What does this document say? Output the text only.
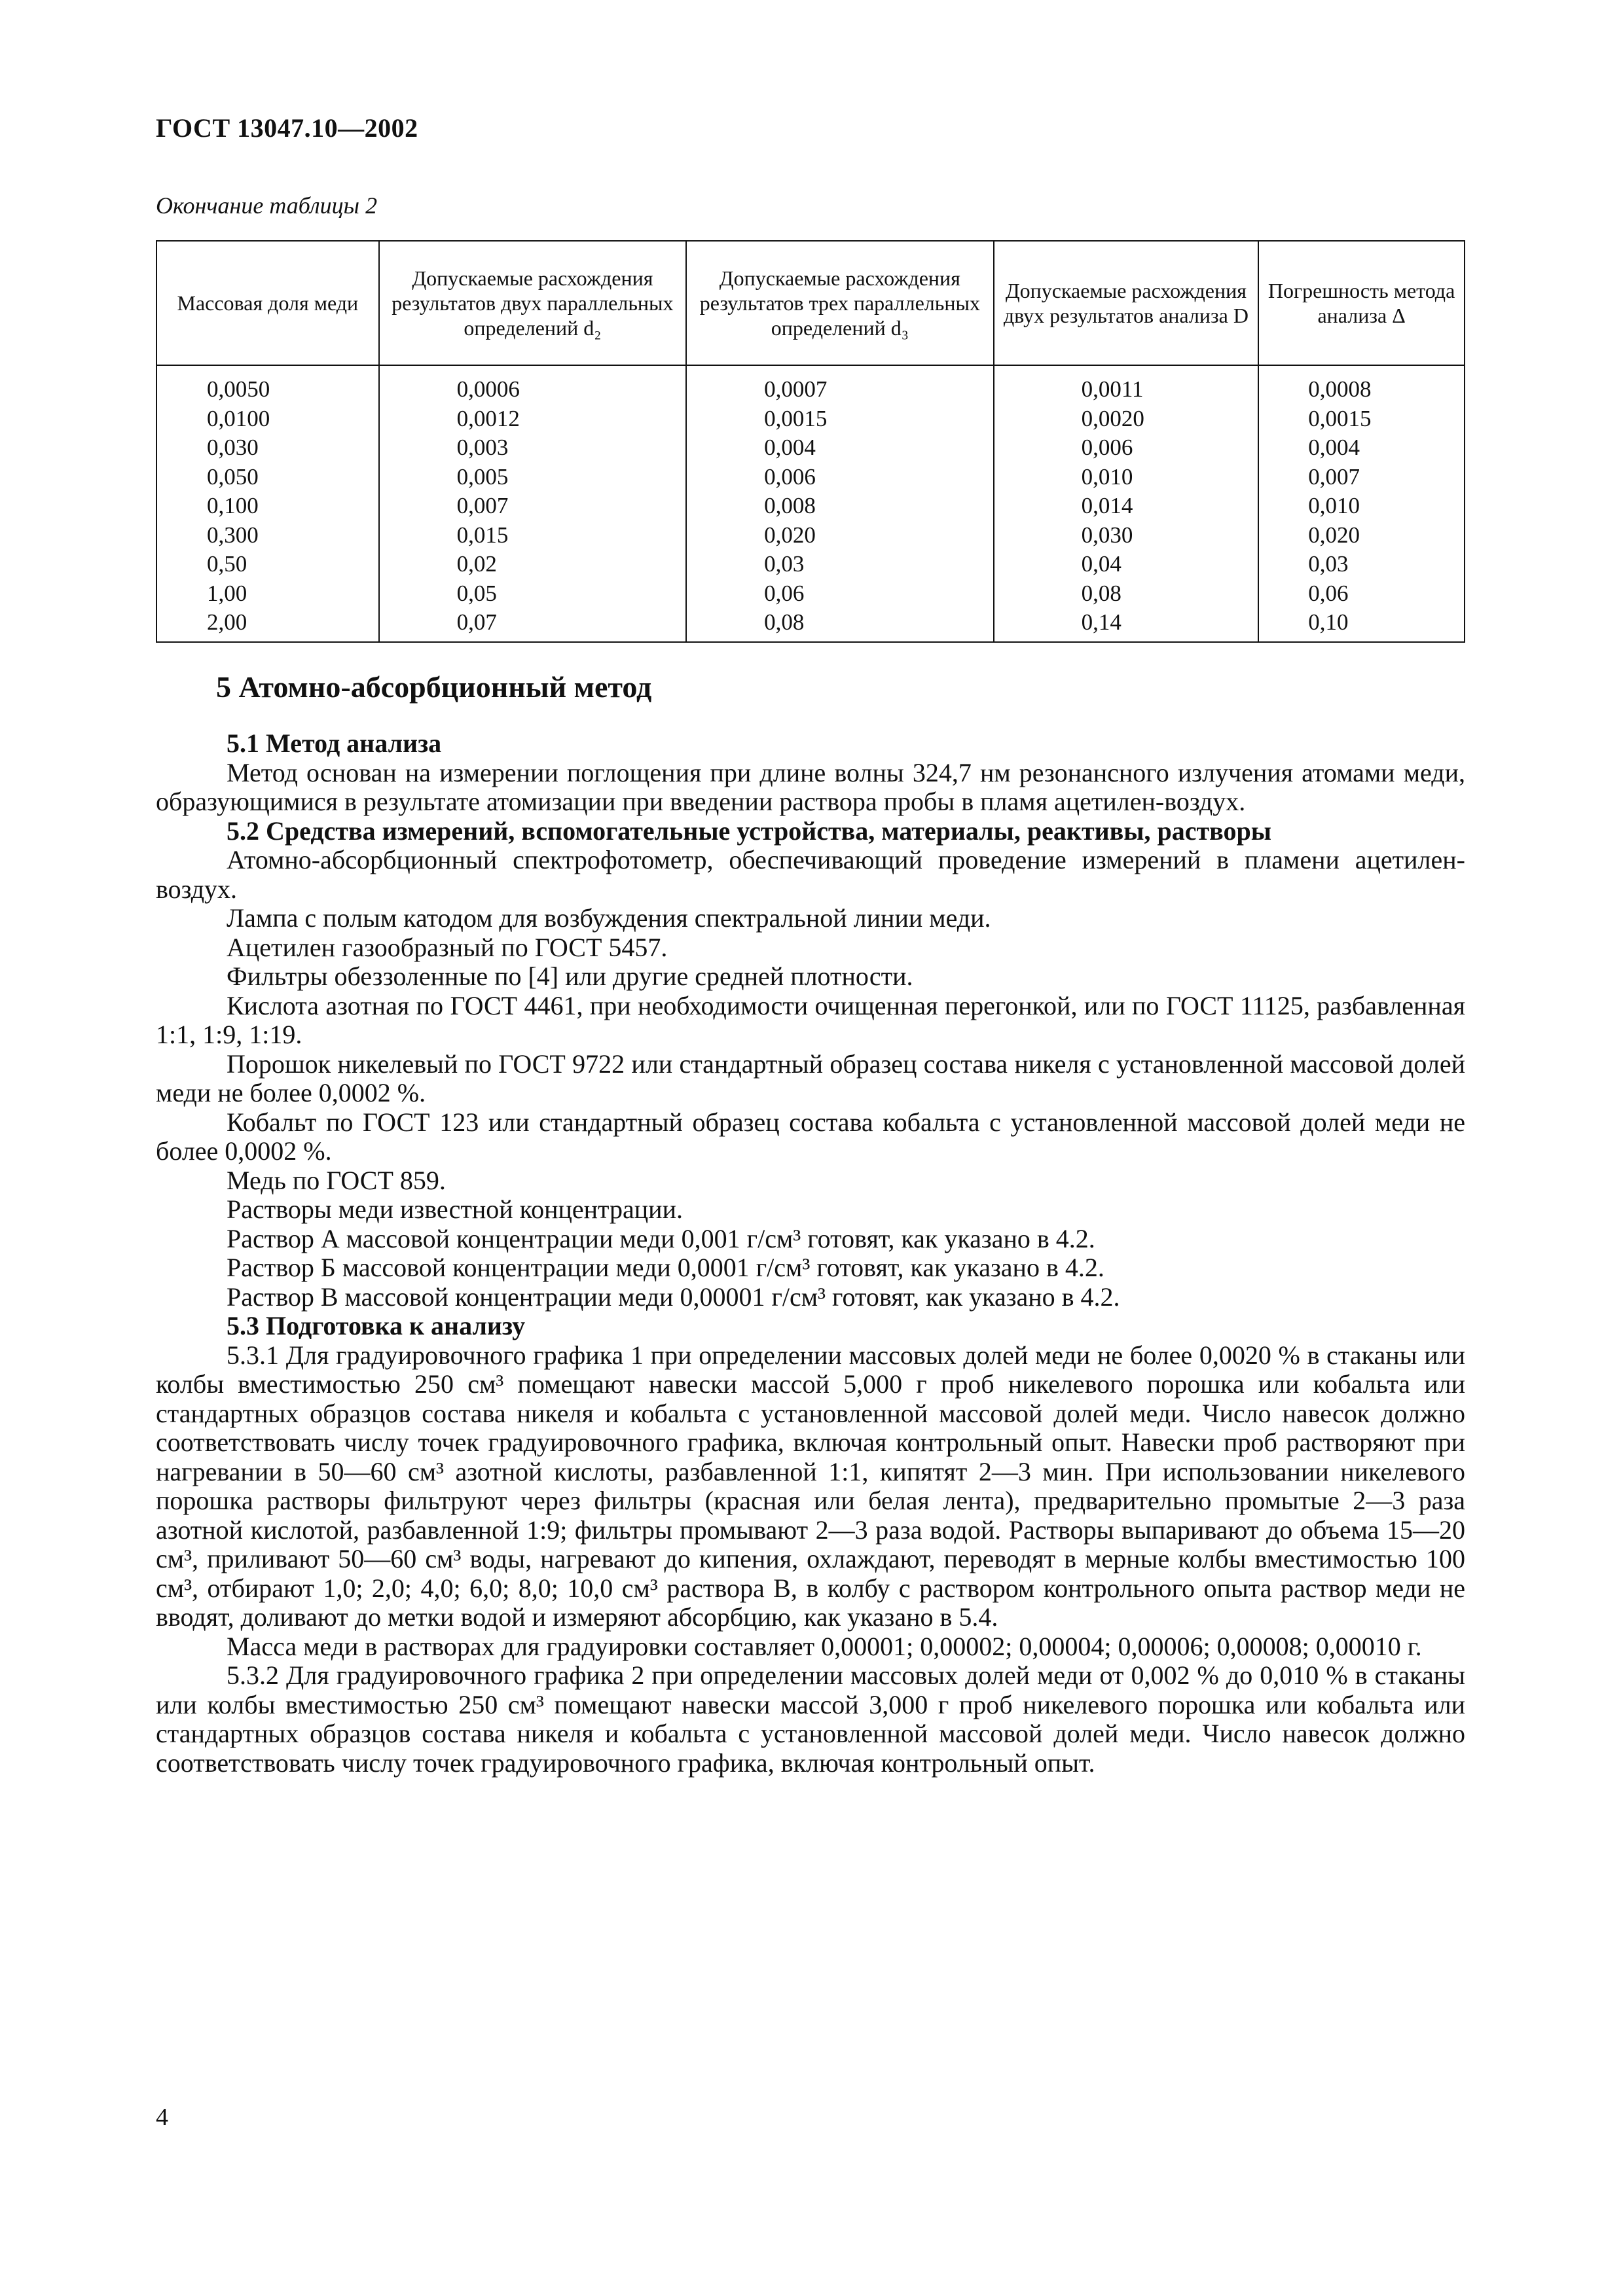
ГОСТ 13047.10—2002
Окончание таблицы 2
Массовая доля меди	Допускаемые расхождения результатов двух параллельных определений d₂	Допускаемые расхождения результатов трех параллельных определений d₃	Допускаемые расхождения двух результатов анализа D	Погрешность метода анализа Δ

0,0050	0,0006	0,0007	0,0011	0,0008

0,0100	0,0012	0,0015	0,0020	0,0015

0,030	0,003	0,004	0,006	0,004

0,050	0,005	0,006	0,010	0,007

0,100	0,007	0,008	0,014	0,010

0,300	0,015	0,020	0,030	0,020

0,50	0,02	0,03	0,04	0,03

1,00	0,05	0,06	0,08	0,06

2,00	0,07	0,08	0,14	0,10
5 Атомно-абсорбционный метод
5.1 Метод анализа
Метод основан на измерении поглощения при длине волны 324,7 нм резонансного излучения атомами меди, образующимися в результате атомизации при введении раствора пробы в пламя ацетилен-воздух.
5.2 Средства измерений, вспомогательные устройства, материалы, реактивы, растворы
Атомно-абсорбционный спектрофотометр, обеспечивающий проведение измерений в пламени ацетилен-воздух.
Лампа с полым катодом для возбуждения спектральной линии меди.
Ацетилен газообразный по ГОСТ 5457.
Фильтры обеззоленные по [4] или другие средней плотности.
Кислота азотная по ГОСТ 4461, при необходимости очищенная перегонкой, или по ГОСТ 11125, разбавленная 1:1, 1:9, 1:19.
Порошок никелевый по ГОСТ 9722 или стандартный образец состава никеля с установленной массовой долей меди не более 0,0002 %.
Кобальт по ГОСТ 123 или стандартный образец состава кобальта с установленной массовой долей меди не более 0,0002 %.
Медь по ГОСТ 859.
Растворы меди известной концентрации.
Раствор А массовой концентрации меди 0,001 г/см³ готовят, как указано в 4.2.
Раствор Б массовой концентрации меди 0,0001 г/см³ готовят, как указано в 4.2.
Раствор В массовой концентрации меди 0,00001 г/см³ готовят, как указано в 4.2.
5.3 Подготовка к анализу
5.3.1 Для градуировочного графика 1 при определении массовых долей меди не более 0,0020 % в стаканы или колбы вместимостью 250 см³ помещают навески массой 5,000 г проб никелевого порошка или кобальта или стандартных образцов состава никеля и кобальта с установленной массовой долей меди. Число навесок должно соответствовать числу точек градуировочного графика, включая контрольный опыт. Навески проб растворяют при нагревании в 50—60 см³ азотной кислоты, разбавленной 1:1, кипятят 2—3 мин. При использовании никелевого порошка растворы фильтруют через фильтры (красная или белая лента), предварительно промытые 2—3 раза азотной кислотой, разбавленной 1:9; фильтры промывают 2—3 раза водой. Растворы выпаривают до объема 15—20 см³, приливают 50—60 см³ воды, нагревают до кипения, охлаждают, переводят в мерные колбы вместимостью 100 см³, отбирают 1,0; 2,0; 4,0; 6,0; 8,0; 10,0 см³ раствора В, в колбу с раствором контрольного опыта раствор меди не вводят, доливают до метки водой и измеряют абсорбцию, как указано в 5.4.
Масса меди в растворах для градуировки составляет 0,00001; 0,00002; 0,00004; 0,00006; 0,00008; 0,00010 г.
5.3.2 Для градуировочного графика 2 при определении массовых долей меди от 0,002 % до 0,010 % в стаканы или колбы вместимостью 250 см³ помещают навески массой 3,000 г проб никелевого порошка или кобальта или стандартных образцов состава никеля и кобальта с установленной массовой долей меди. Число навесок должно соответствовать числу точек градуировочного графика, включая контрольный опыт.
4
